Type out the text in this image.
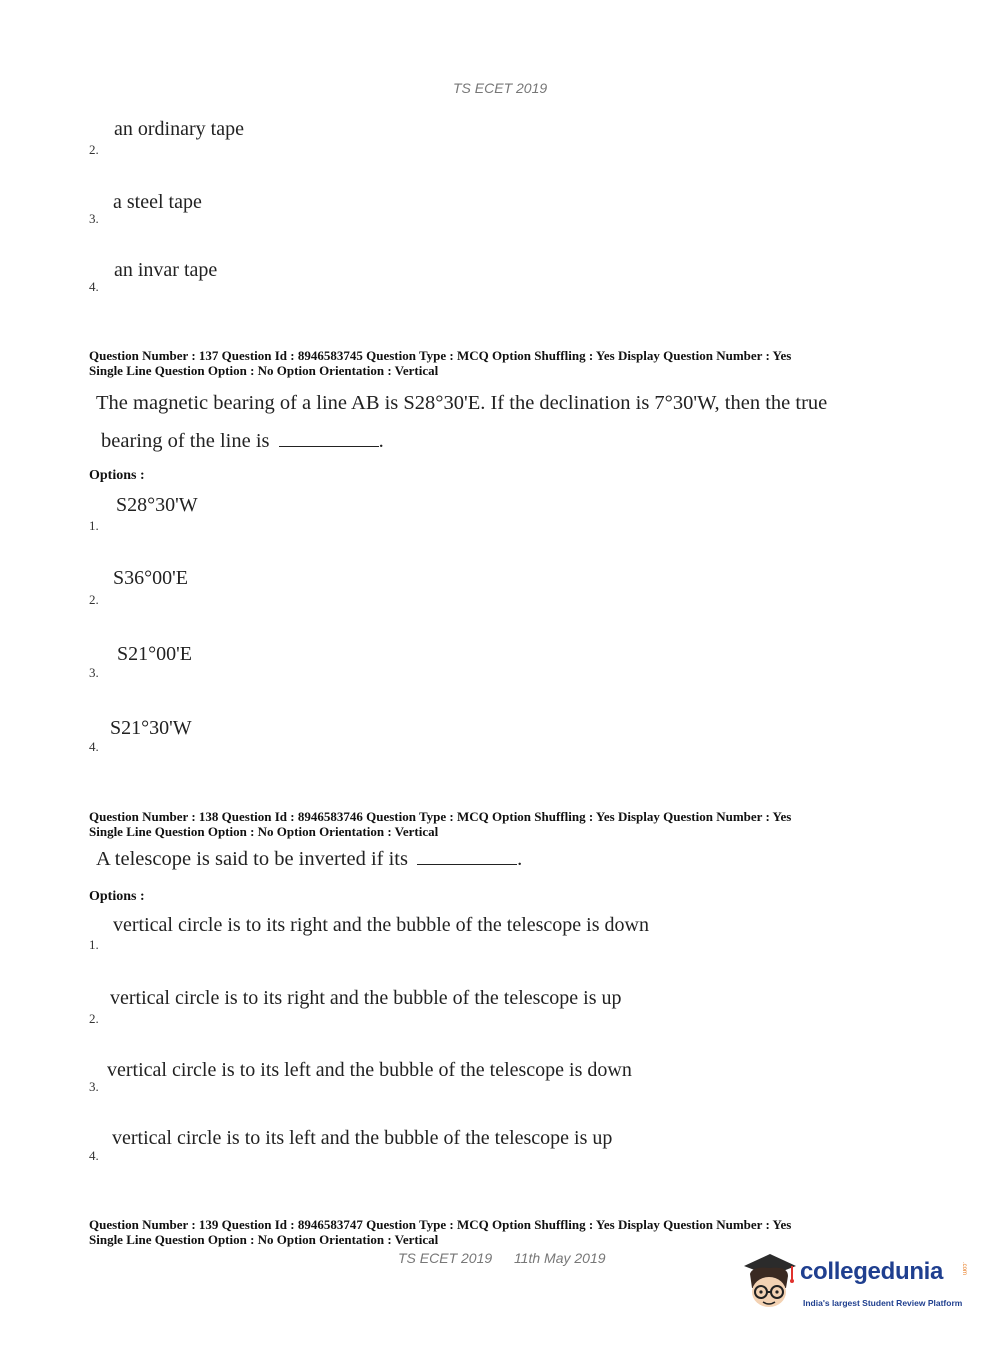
TS ECET 2019
an ordinary tape
2.
a steel tape
3.
an invar tape
4.
Question Number : 137 Question Id : 8946583745 Question Type : MCQ Option Shuffling : Yes Display Question Number : Yes
Single Line Question Option : No Option Orientation : Vertical
The magnetic bearing of a line AB is S28°30'E. If the declination is 7°30'W, then the true
bearing of the line is	.
Options :
S28°30'W
1.
S36°00'E
2.
S21°00'E
3.
S21°30'W
4.
Question Number : 138 Question Id : 8946583746 Question Type : MCQ Option Shuffling : Yes Display Question Number : Yes
Single Line Question Option : No Option Orientation : Vertical
A telescope is said to be inverted if its	.
Options :
vertical circle is to its right and the bubble of the telescope is down
1.
vertical circle is to its right and the bubble of the telescope is up
2.
vertical circle is to its left and the bubble of the telescope is down
3.
vertical circle is to its left and the bubble of the telescope is up
4.
Question Number : 139 Question Id : 8946583747 Question Type : MCQ Option Shuffling : Yes Display Question Number : Yes
Single Line Question Option : No Option Orientation : Vertical
TS ECET 2019 11th May 2019	collegedunia	.com
India's largest Student Review Platform
